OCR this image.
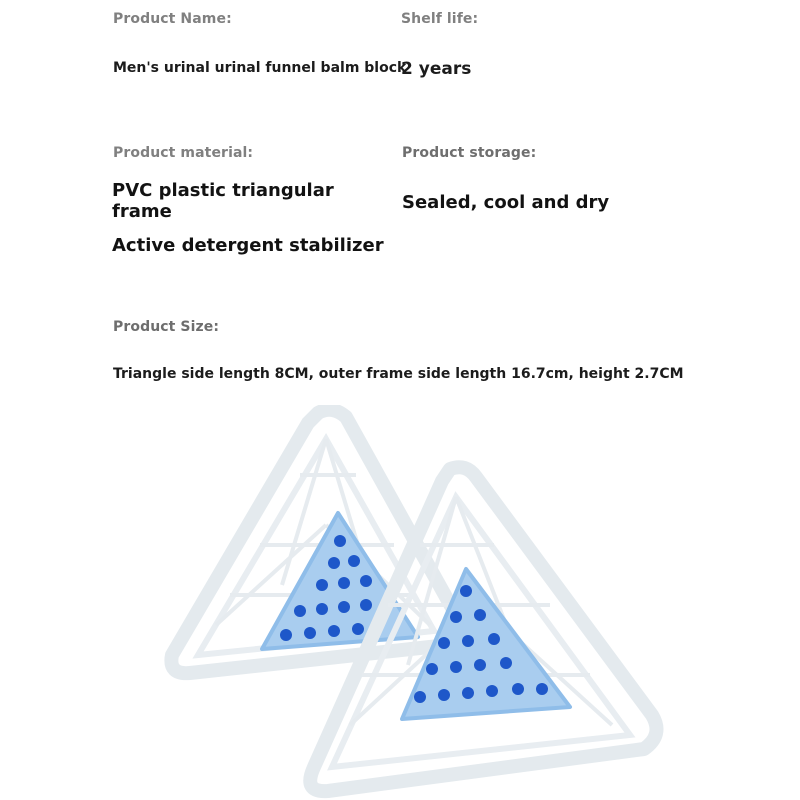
Product Name:	Shelf life:
Men's urinal urinal funnel balm block
2 years
Product material:	Product storage:
PVC plastic triangular frame
Active detergent stabilizer
Sealed, cool and dry
Product Size:
Triangle side length 8CM, outer frame side length 16.7cm, height 2.7CM
